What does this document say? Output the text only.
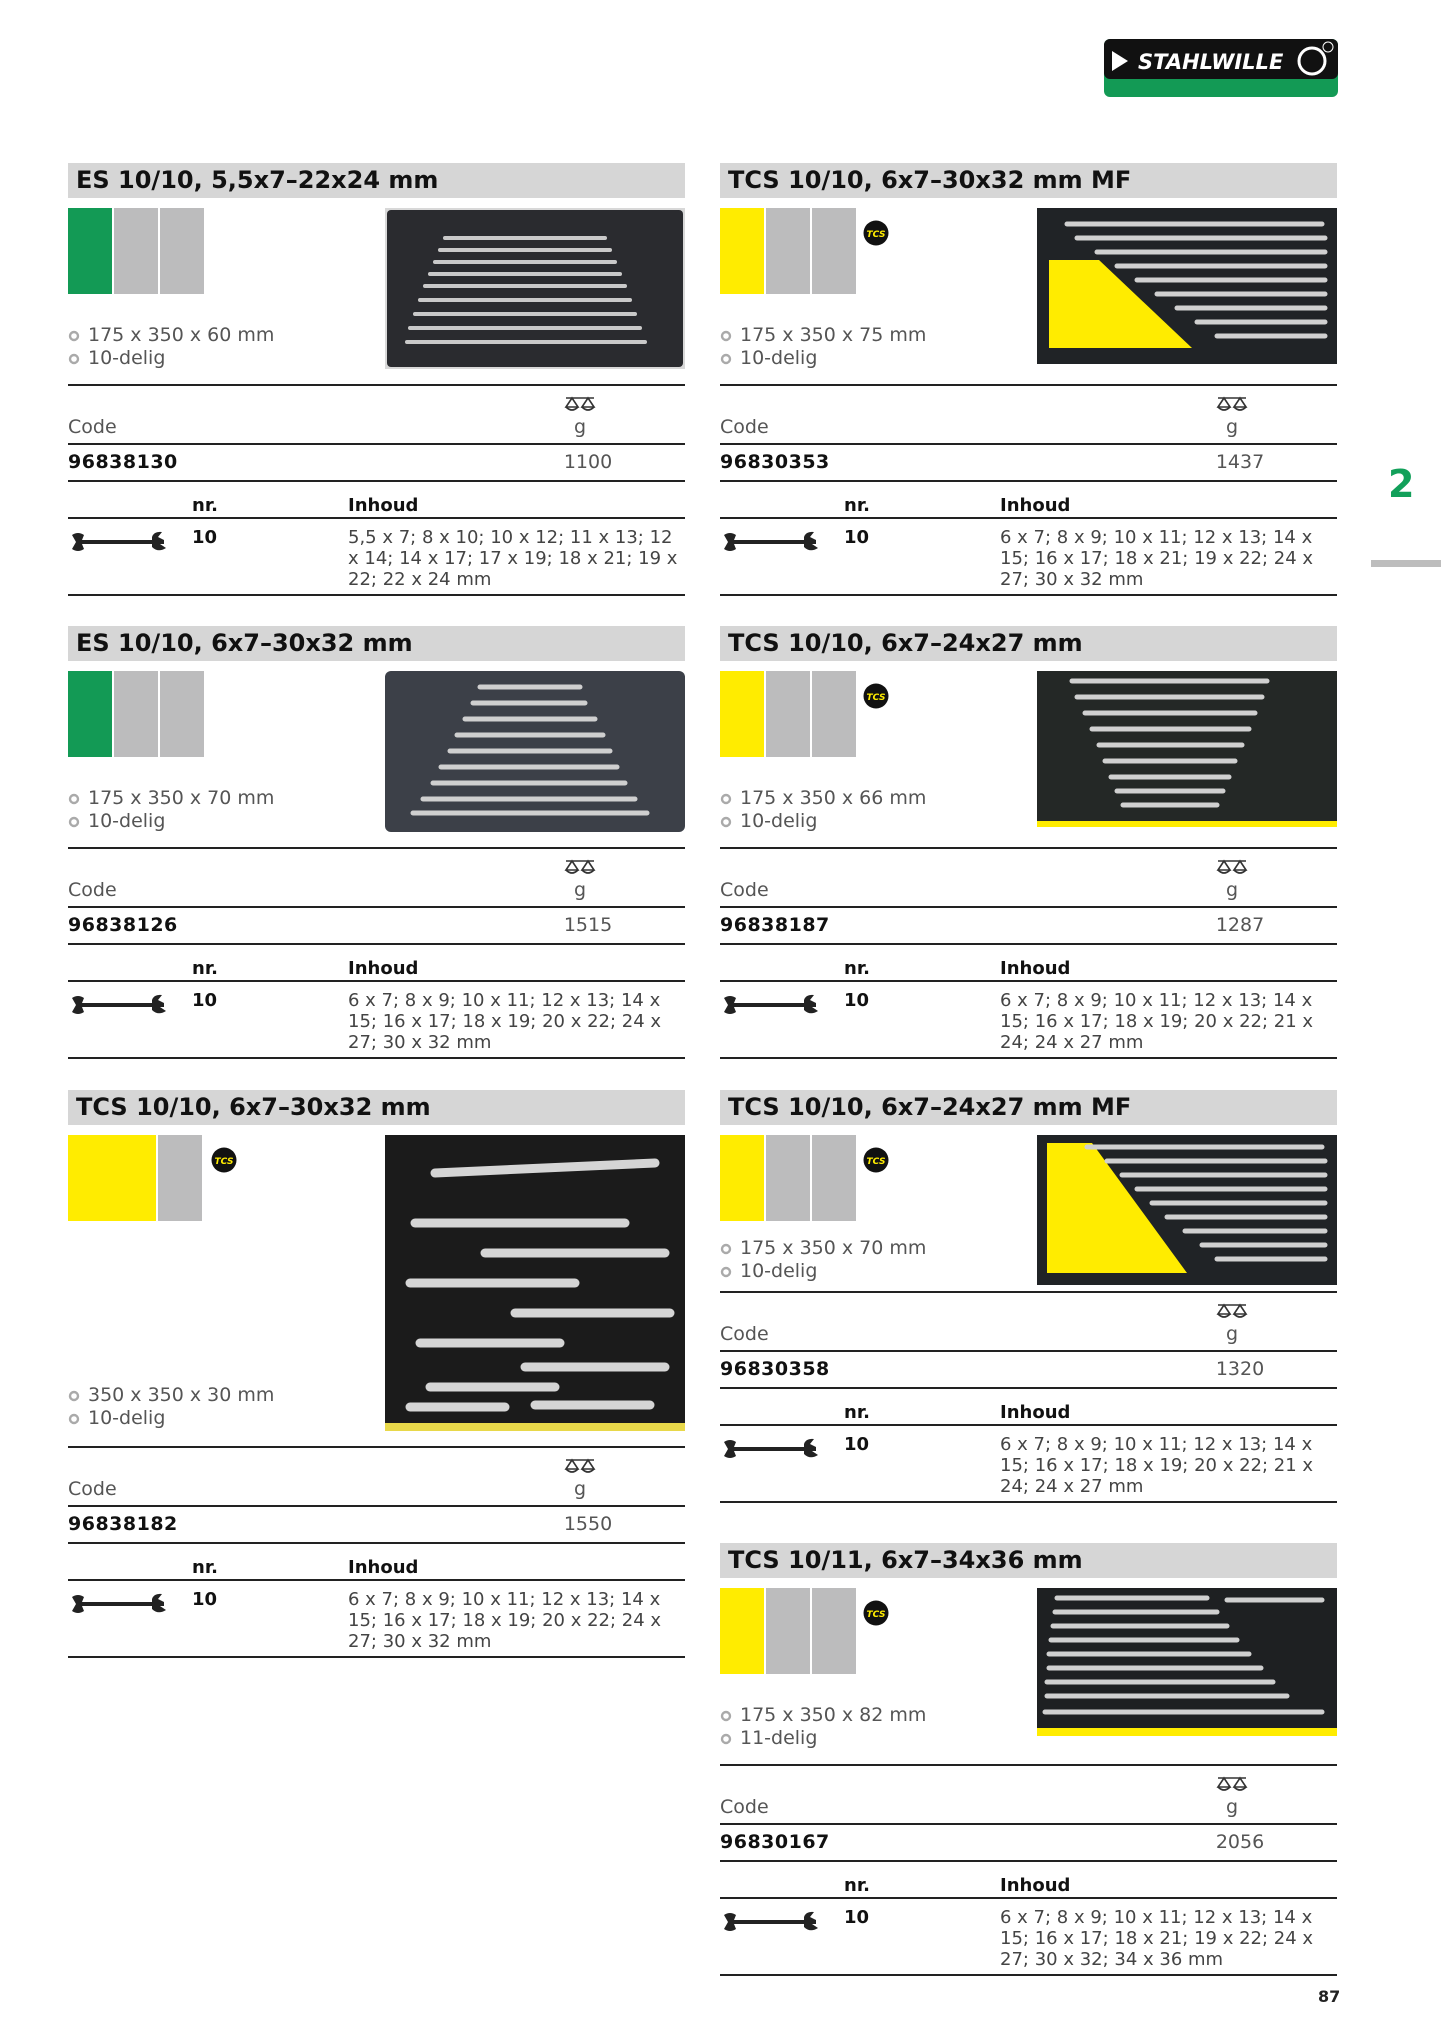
STAHLWILLE
2
87
ES 10/10, 5,5x7–22x24 mm
175 x 350 x 60 mm
10-delig
Code	g
96838130	1100
nr.	Inhoud
10	5,5 x 7; 8 x 10; 10 x 12; 11 x 13; 12 x 14; 14 x 17; 17 x 19; 18 x 21; 19 x 22; 22 x 24 mm
ES 10/10, 6x7–30x32 mm
175 x 350 x 70 mm
10-delig
Code	g
96838126	1515
nr.	Inhoud
10	6 x 7; 8 x 9; 10 x 11; 12 x 13; 14 x 15; 16 x 17; 18 x 19; 20 x 22; 24 x 27; 30 x 32 mm
TCS 10/10, 6x7–30x32 mm
350 x 350 x 30 mm
10-delig
Code	g
96838182	1550
nr.	Inhoud
10	6 x 7; 8 x 9; 10 x 11; 12 x 13; 14 x 15; 16 x 17; 18 x 19; 20 x 22; 24 x 27; 30 x 32 mm
TCS 10/10, 6x7–30x32 mm MF
175 x 350 x 75 mm
10-delig
Code	g
96830353	1437
nr.	Inhoud
10	6 x 7; 8 x 9; 10 x 11; 12 x 13; 14 x 15; 16 x 17; 18 x 21; 19 x 22; 24 x 27; 30 x 32 mm
TCS 10/10, 6x7–24x27 mm
175 x 350 x 66 mm
10-delig
Code	g
96838187	1287
nr.	Inhoud
10	6 x 7; 8 x 9; 10 x 11; 12 x 13; 14 x 15; 16 x 17; 18 x 19; 20 x 22; 21 x 24; 24 x 27 mm
TCS 10/10, 6x7–24x27 mm MF
175 x 350 x 70 mm
10-delig
Code	g
96830358	1320
nr.	Inhoud
10	6 x 7; 8 x 9; 10 x 11; 12 x 13; 14 x 15; 16 x 17; 18 x 19; 20 x 22; 21 x 24; 24 x 27 mm
TCS 10/11, 6x7–34x36 mm
175 x 350 x 82 mm
11-delig
Code	g
96830167	2056
nr.	Inhoud
10	6 x 7; 8 x 9; 10 x 11; 12 x 13; 14 x 15; 16 x 17; 18 x 21; 19 x 22; 24 x 27; 30 x 32; 34 x 36 mm
